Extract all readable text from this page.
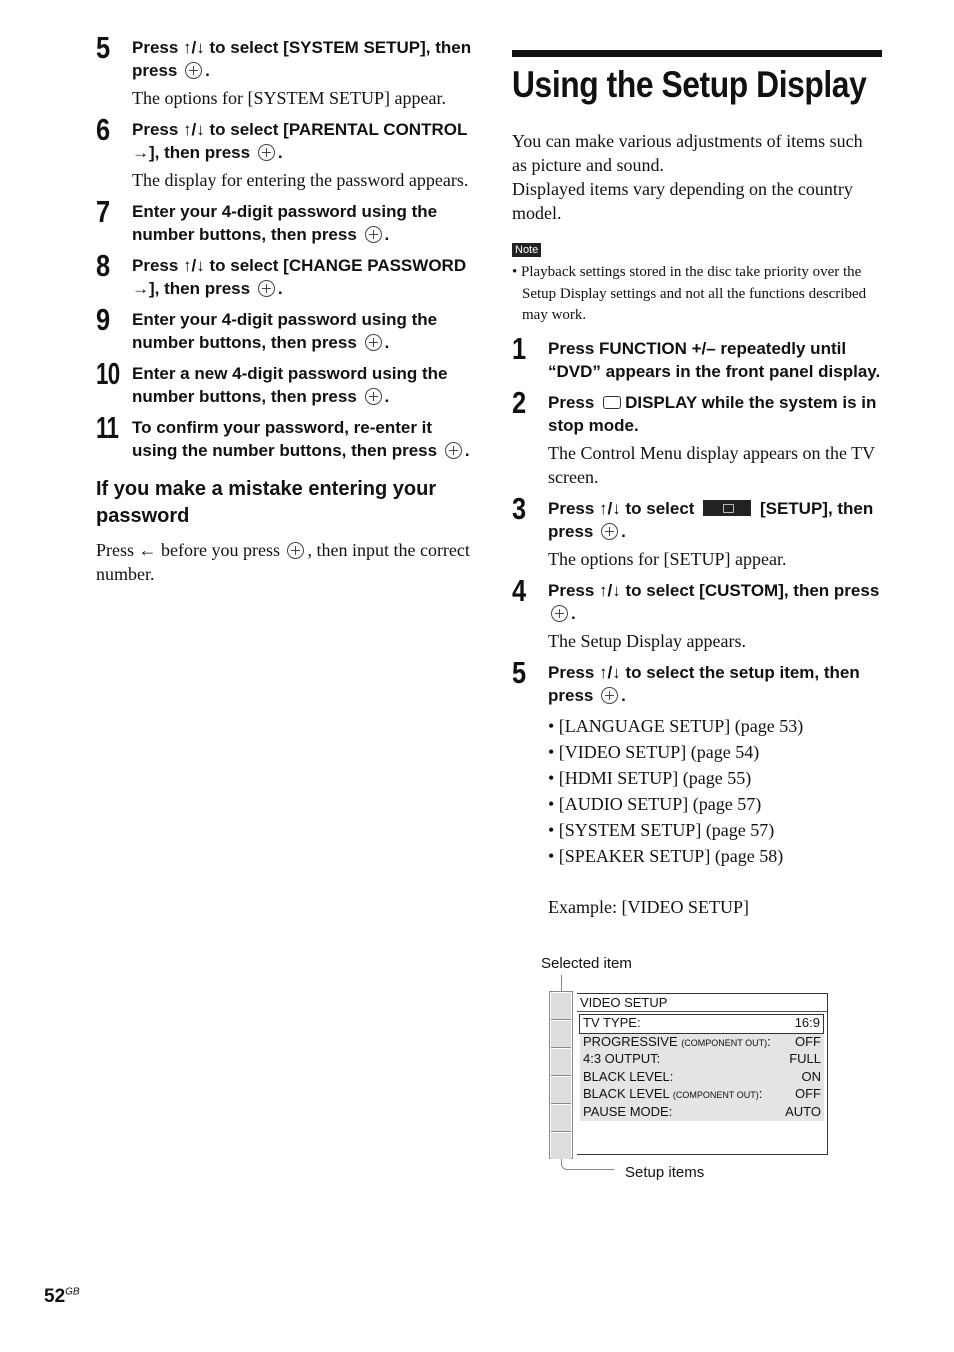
5 Press ↑/↓ to select [SYSTEM SETUP], then press .
The options for [SYSTEM SETUP] appear.
6 Press ↑/↓ to select [PARENTAL CONTROL →], then press .
The display for entering the password appears.
7 Enter your 4-digit password using the number buttons, then press .
8 Press ↑/↓ to select [CHANGE PASSWORD →], then press .
9 Enter your 4-digit password using the number buttons, then press .
10 Enter a new 4-digit password using the number buttons, then press .
11 To confirm your password, re-enter it using the number buttons, then press .
If you make a mistake entering your password
Press ← before you press , then input the correct number.
Using the Setup Display
You can make various adjustments of items such as picture and sound.
Displayed items vary depending on the country model.
Note
• Playback settings stored in the disc take priority over the Setup Display settings and not all the functions described may work.
1 Press FUNCTION +/– repeatedly until “DVD” appears in the front panel display.
2 Press DISPLAY while the system is in stop mode.
The Control Menu display appears on the TV screen.
3 Press ↑/↓ to select	[SETUP], then press .
The options for [SETUP] appear.
4 Press ↑/↓ to select [CUSTOM], then press .
The Setup Display appears.
5 Press ↑/↓ to select the setup item, then press .
• [LANGUAGE SETUP] (page 53)
• [VIDEO SETUP] (page 54)
• [HDMI SETUP] (page 55)
• [AUDIO SETUP] (page 57)
• [SYSTEM SETUP] (page 57)
• [SPEAKER SETUP] (page 58)
Example: [VIDEO SETUP]
Selected item
Setup items
VIDEO SETUP
TV TYPE:	16:9
PROGRESSIVE (COMPONENT OUT): OFF
4:3 OUTPUT:	FULL
BLACK LEVEL:	ON
BLACK LEVEL (COMPONENT OUT):	OFF
PAUSE MODE:	AUTO
$52^{GB}$
